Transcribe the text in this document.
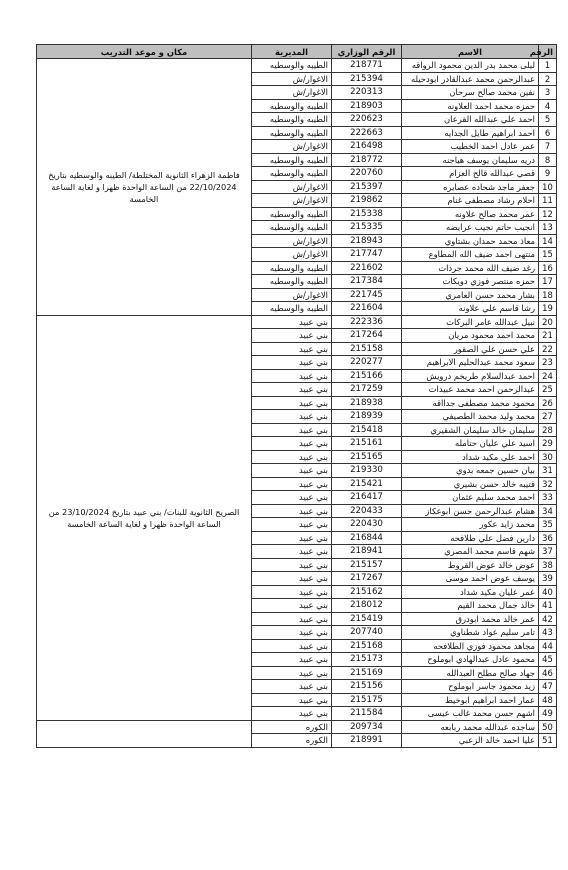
الرقم	الاسم	الرقم الوزاري	المديرية	مكان و موعد التدريب
1	ليلى محمد بدر الدين محمود الرواقه	218771	الطيبه والوسطيه	فاطمة الزهراء الثانوية المختلطة/ الطيبه والوسطيه بتاريخ 22/10/2024 من الساعة الواحدة ظهرا و لغاية الساعة الخامسة
2	عبدالرحمن محمد عبدالقادر ابودحيله	215394	الاغوار/ش	
3	نفين محمد صالح سرحان	220313	الاغوار/ش	
4	حمزه محمد احمد العلاونه	218903	الطيبه والوسطيه	
5	احمد علي عبدالله القرعان	220623	الطيبه والوسطيه	
6	احمد ابراهيم طايل الجدايه	222663	الطيبه والوسطيه	
7	عمر عادل احمد الخطيب	216498	الاغوار/ش	
8	دريه سليمان يوسف هياجنه	218772	الطيبه والوسطيه	
9	قصي عبدالله قالح العزام	220760	الطيبه والوسطيه	
10	جعفر ماجد شحاده عصايره	215397	الاغوار/ش	
11	احلام رشاد مصطفى غنام	219862	الاغوار/ش	
12	عمر محمد صالح علاونه	215338	الطيبه والوسطيه	
13	انجيب حاتم نجيب عرايضه	215335	الطيبه والوسطيه	
14	معاذ محمد حمدان بشتاوي	218943	الاغوار/ش	
15	منتهى احمد ضيف الله المطاوع	217747	الاغوار/ش	
16	رغد ضيف الله محمد جردات	221602	الطيبه والوسطيه	
17	حمزه منتصر فوزي دويكات	217384	الطيبه والوسطيه	
18	بشار محمد حسن العامري	221745	الاغوار/ش	
19	رشا قاسم علي علاونه	221604	الطيبه والوسطيه	
20	نبيل عبدالله عامر البركات	222336	بني عبيد	الصريح الثانوية للبنات/ بني عبيد بتاريخ 23/10/2024 من الساعة الواحدة ظهرا و لغاية الساعة الخامسة
21	محمد احمد محمود مريان	217264	بني عبيد	
22	علي حسن علي الصقور	215158	بني عبيد	
23	سعود محمد عبدالحليم الابراهيم	220277	بني عبيد	
24	احمد عبدالسلام طريخم درويش	215166	بني عبيد	
25	عبدالرحمن احمد محمد عبيدات	217259	بني عبيد	
26	محمود محمد مصطفى جدااقه	218938	بني عبيد	
27	محمد وليد محمد الطصيفي	218939	بني عبيد	
28	سليمان خالد سليمان الشقيري	215418	بني عبيد	
29	اسيد علي عليان حتامله	215161	بني عبيد	
30	احمد علي مكيد شداد	215165	بني عبيد	
31	بيان حسين جمعه بدوي	219330	بني عبيد	
32	قتيبه خالد حسن بشيري	215421	بني عبيد	
33	احمد محمد سليم عثمان	216417	بني عبيد	
34	هشام عبدالرحمن حسن ابوعكاز	220433	بني عبيد	
35	محمد زايد عكور	220430	بني عبيد	
36	دارين فضل علي طلافحه	216844	بني عبيد	
37	شهم قاسم محمد المصري	218941	بني عبيد	
38	عوض خالد عوض القروط	215157	بني عبيد	
39	يوسف عوض احمد موسى	217267	بني عبيد	
40	عمر عليان مكيد شداد	215162	بني عبيد	
41	خالد جمال محمد القيم	218012	بني عبيد	
42	عمر خالد محمد ابودرق	215419	بني عبيد	
43	تامر سليم عواد شطناوي	207740	بني عبيد	
44	مجاهد محمود فوزي الطلافحه	215168	بني عبيد	
45	محمود عادل عبدالهادي ابوملوح	215173	بني عبيد	
46	جهاد صالح مطلح العبدالله	215169	بني عبيد	
47	زيد محمود جاسر ابوملوح	215156	بني عبيد	
48	عمار احمد ابراهيم ابوخيط	215175	بني عبيد	
49	اشهم حسن محمد غالب عيسى	211584	بني عبيد	
50	ساجده عبدالله محمد ربابعه	209734	الكوره	
51	عليا احمد خالد الزعبي	218991	الكوره	
